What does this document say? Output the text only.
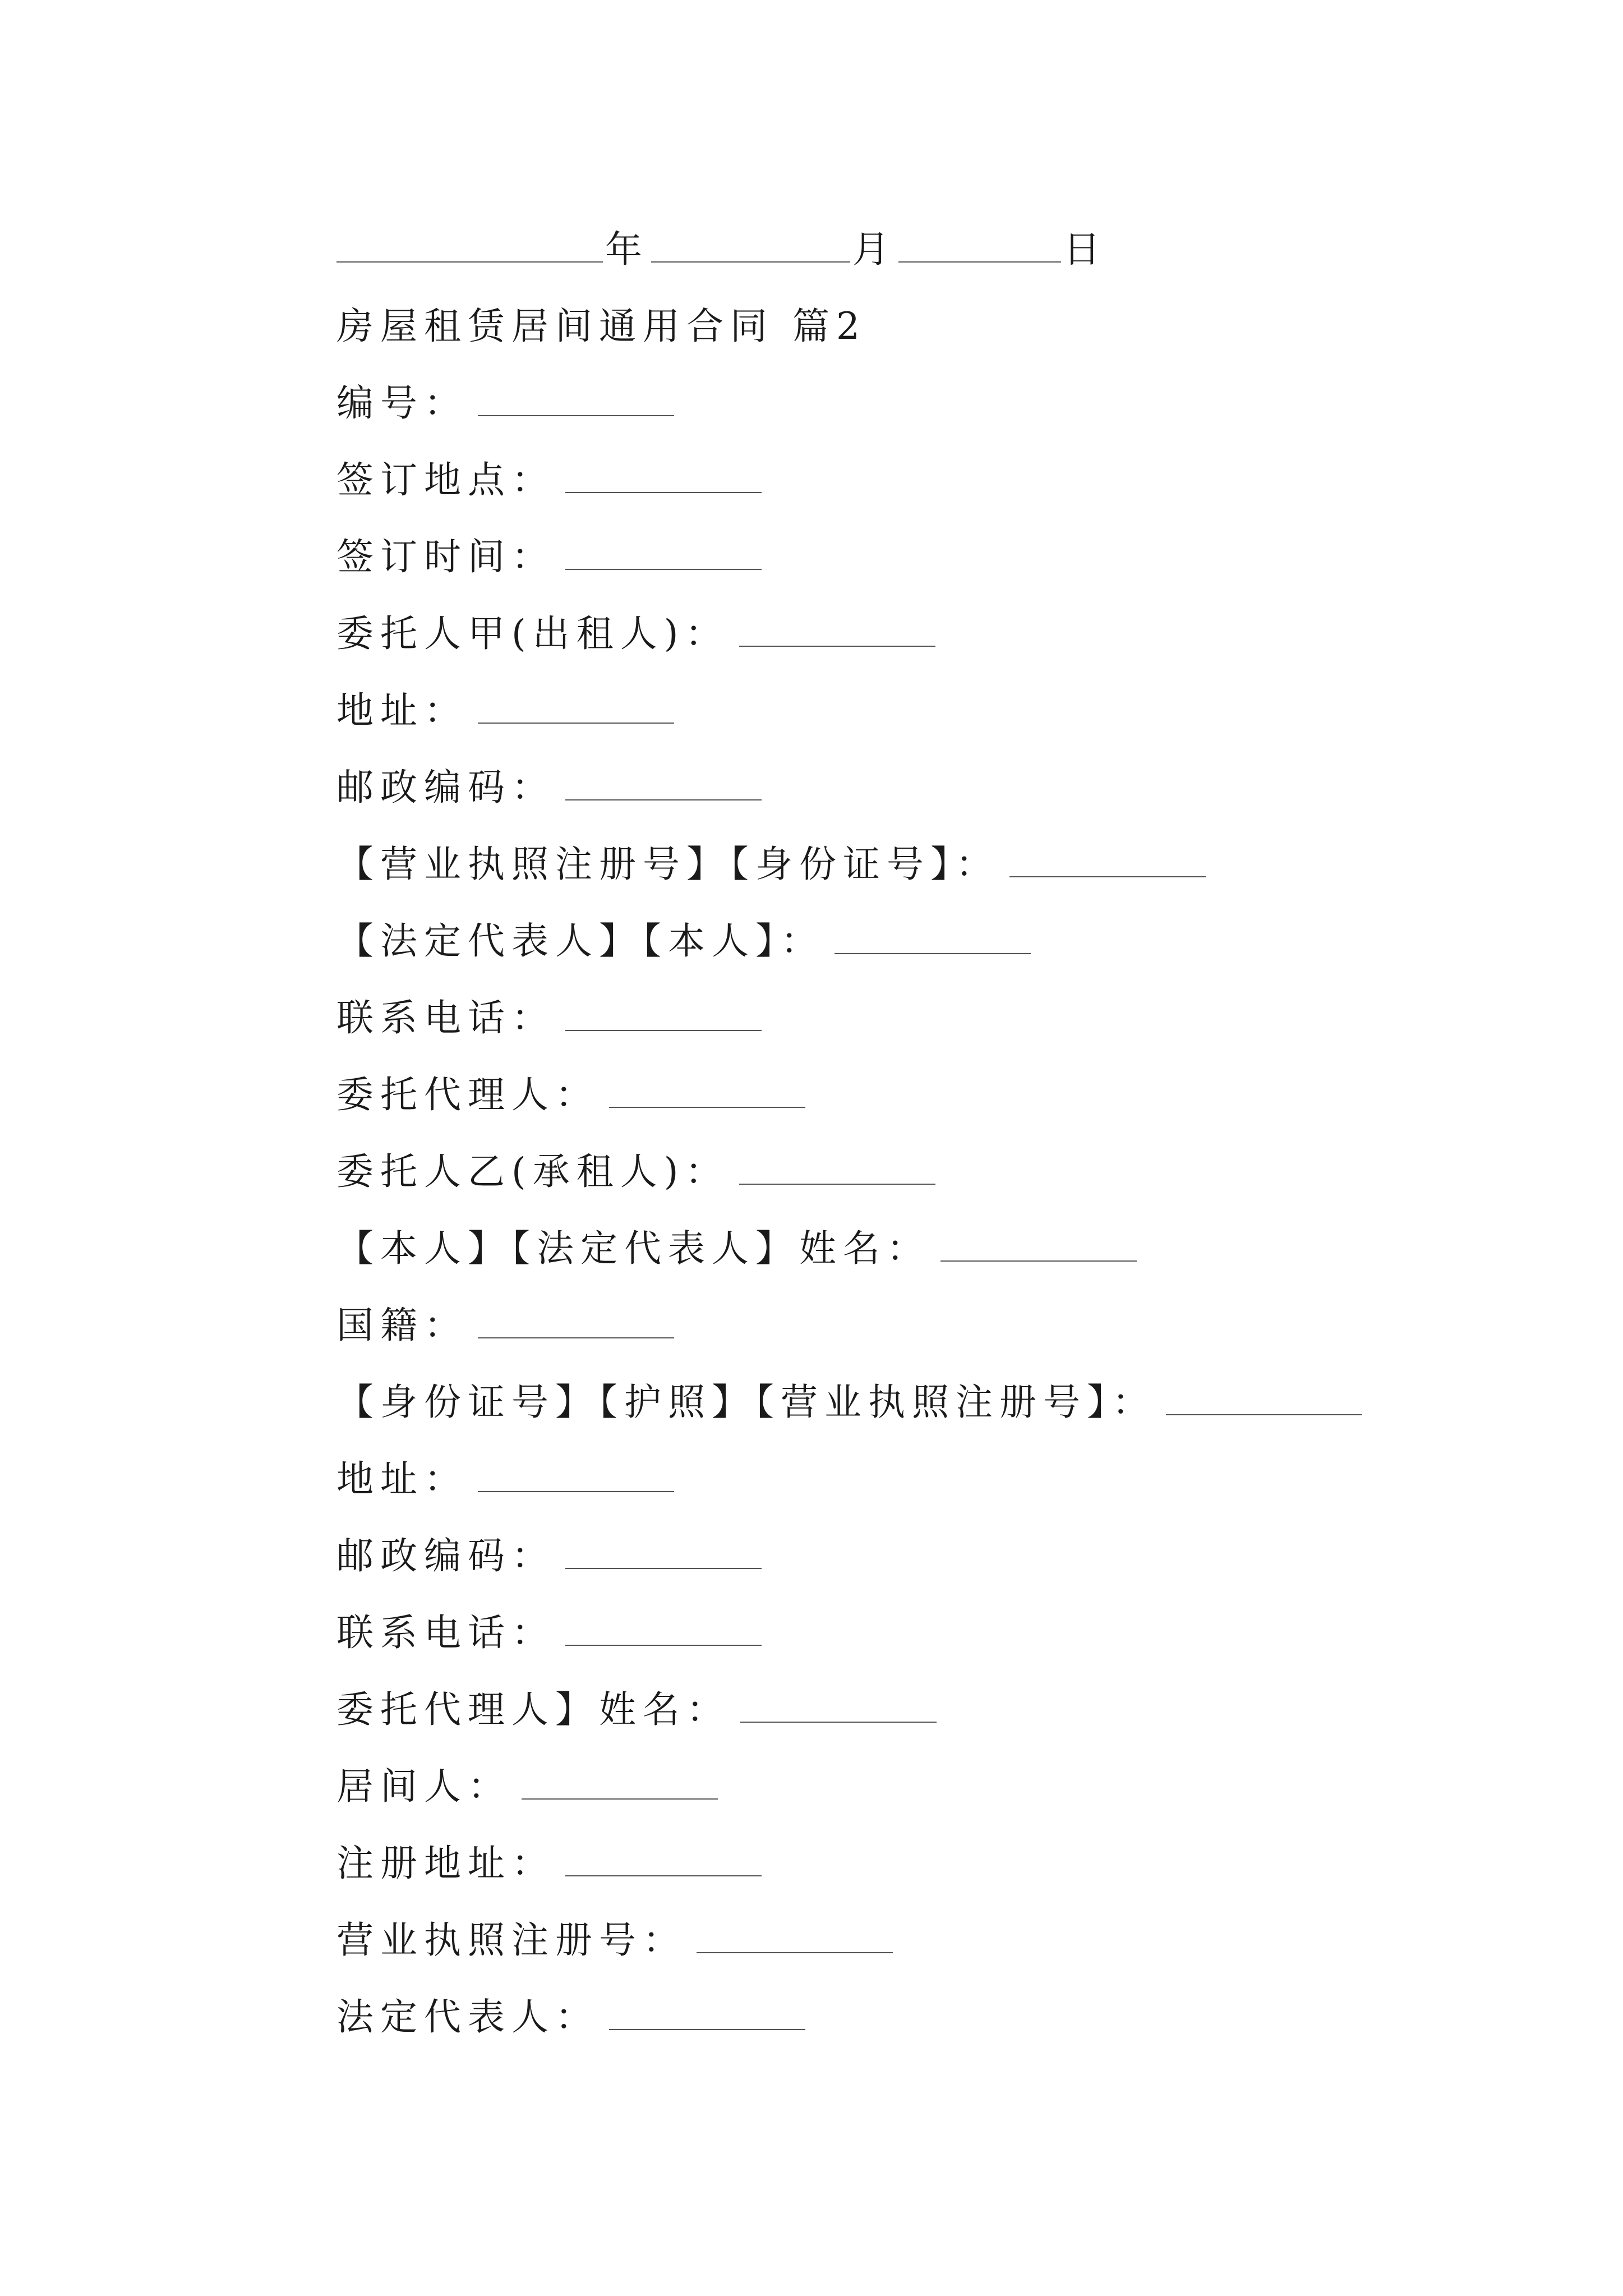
年	月	日
房屋租赁居间通用合同 篇2
编号：
签订地点：
签订时间：
委托人甲(出租人)：
地址：
邮政编码：
【营业执照注册号】【身份证号】：
【法定代表人】【本人】：
联系电话：
委托代理人：
委托人乙(承租人)：
【本人】【法定代表人】姓名：
国籍：
【身份证号】【护照】【营业执照注册号】：
地址：
邮政编码：
联系电话：
委托代理人】姓名：
居间人：
注册地址：
营业执照注册号：
法定代表人：
